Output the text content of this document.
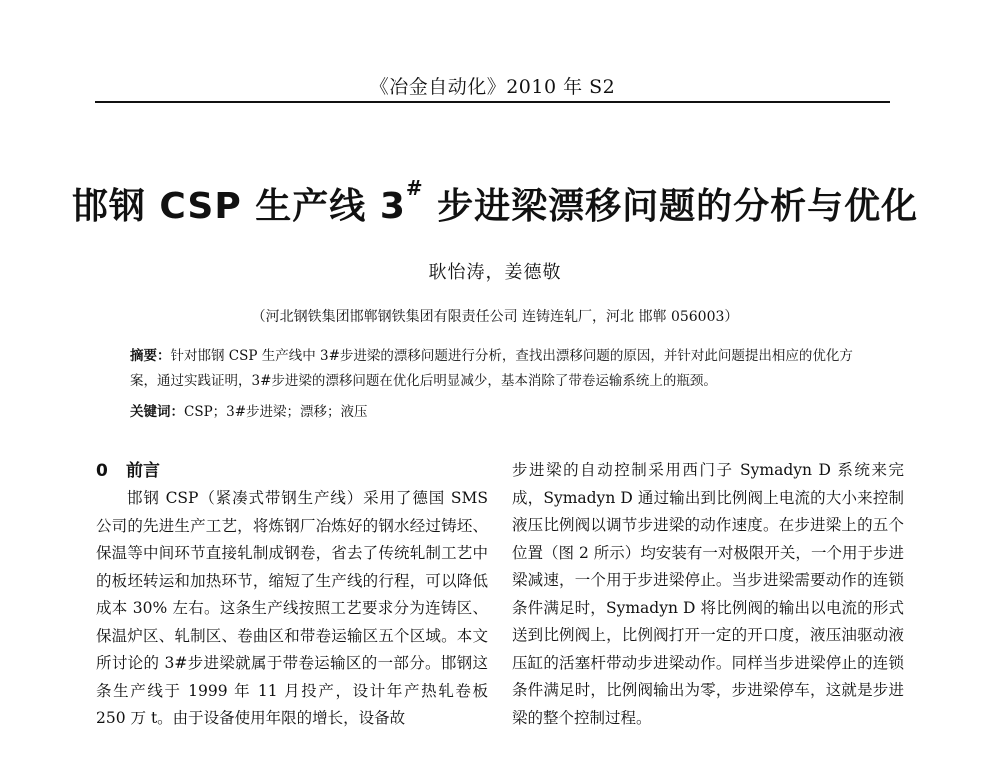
《冶金自动化》2010 年 S2
邯钢 CSP 生产线 3# 步进梁漂移问题的分析与优化
耿怡涛，姜德敬
（河北钢铁集团邯郸钢铁集团有限责任公司 连铸连轧厂，河北 邯郸 056003）
摘要：针对邯钢 CSP 生产线中 3#步进梁的漂移问题进行分析，查找出漂移问题的原因，并针对此问题提出相应的优化方案，通过实践证明，3#步进梁的漂移问题在优化后明显减少，基本消除了带卷运输系统上的瓶颈。
关键词：CSP；3#步进梁；漂移；液压
0 前言

邯钢 CSP（紧凑式带钢生产线）采用了德国 SMS 公司的先进生产工艺，将炼钢厂冶炼好的钢水经过铸坯、保温等中间环节直接轧制成钢卷，省去了传统轧制工艺中的板坯转运和加热环节，缩短了生产线的行程，可以降低成本 30% 左右。这条生产线按照工艺要求分为连铸区、保温炉区、轧制区、卷曲区和带卷运输区五个区域。本文所讨论的 3#步进梁就属于带卷运输区的一部分。邯钢这条生产线于 1999 年 11 月投产，设计年产热轧卷板 250 万 t。由于设备使用年限的增长，设备故

步进梁的自动控制采用西门子 Symadyn D 系统来完成，Symadyn D 通过输出到比例阀上电流的大小来控制液压比例阀以调节步进梁的动作速度。在步进梁上的五个位置（图 2 所示）均安装有一对极限开关，一个用于步进梁减速，一个用于步进梁停止。当步进梁需要动作的连锁条件满足时，Symadyn D 将比例阀的输出以电流的形式送到比例阀上，比例阀打开一定的开口度，液压油驱动液压缸的活塞杆带动步进梁动作。同样当步进梁停止的连锁条件满足时，比例阀输出为零，步进梁停车，这就是步进梁的整个控制过程。
